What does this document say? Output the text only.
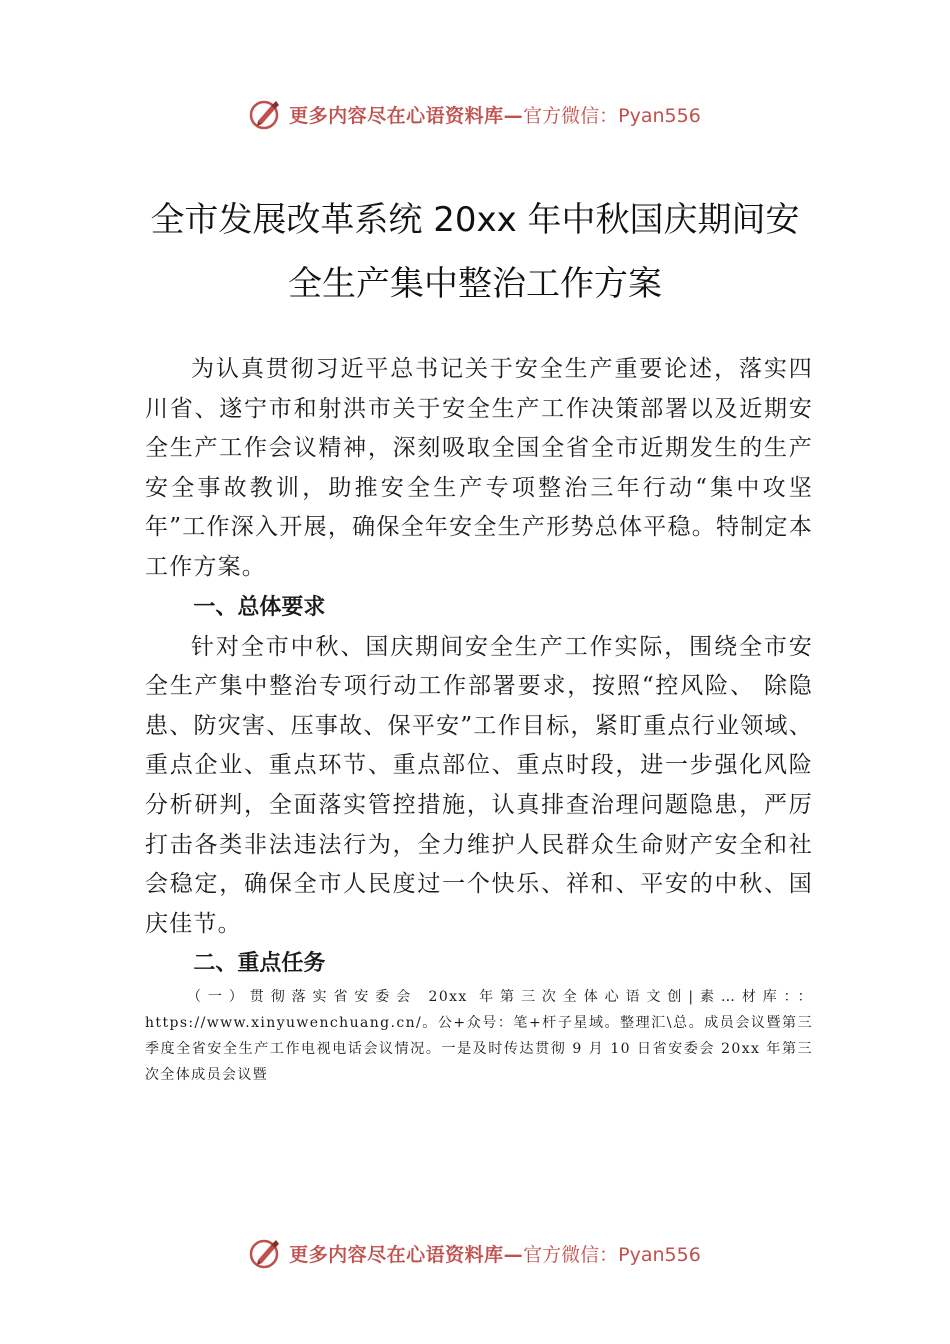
更多内容尽在心语资料库— 官方微信：Pyan556
全市发展改革系统 20xx 年中秋国庆期间安
全生产集中整治工作方案

为认真贯彻习近平总书记关于安全生产重要论述，落实四川省、遂宁市和射洪市关于安全生产工作决策部署以及近期安全生产工作会议精神，深刻吸取全国全省全市近期发生的生产安全事故教训，助推安全生产专项整治三年行动“集中攻坚年”工作深入开展，确保全年安全生产形势总体平稳。特制定本工作方案。

一、总体要求

针对全市中秋、国庆期间安全生产工作实际，围绕全市安全生产集中整治专项行动工作部署要求，按照“控风险、 除隐患、防灾害、压事故、保平安”工作目标，紧盯重点行业领域、重点企业、重点环节、重点部位、重点时段，进一步强化风险分析研判，全面落实管控措施，认真排查治理问题隐患，严厉打击各类非法违法行为，全力维护人民群众生命财产安全和社会稳定，确保全市人民度过一个快乐、祥和、平安的中秋、国庆佳节。

二、重点任务

（一）贯彻落实省安委会 20xx 年第三次全体心语文创|素…材库：：https://www.xinyuwenchuang.cn/。公+众号：笔+杆子星域。整理汇\总。成员会议暨第三季度全省安全生产工作电视电话会议情况。一是及时传达贯彻 9 月 10 日省安委会 20xx 年第三次全体成员会议暨

更多内容尽在心语资料库— 官方微信：Pyan556
